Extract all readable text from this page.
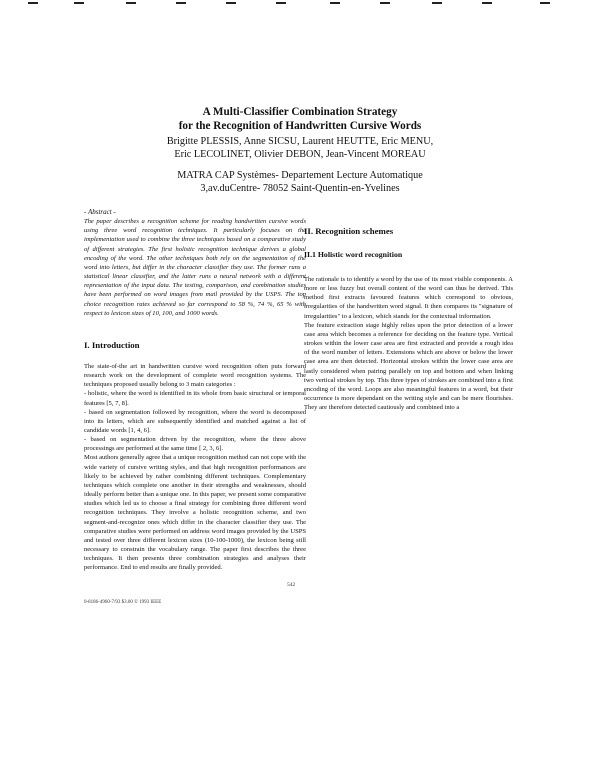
A Multi-Classifier Combination Strategy

for the Recognition of Handwritten Cursive Words

Brigitte PLESSIS, Anne SICSU, Laurent HEUTTE, Eric MENU,

Eric LECOLINET, Olivier DEBON, Jean-Vincent MOREAU

MATRA CAP Systèmes- Departement Lecture Automatique

3,av.duCentre- 78052 Saint-Quentin-en-Yvelines

- Abstract -

The paper describes a recognition scheme for reading handwritten cursive words using three word recognition techniques. It particularly focuses on the implementation used to combine the three techniques based on a comparative study of different strategies. The first holistic recognition technique derives a global encoding of the word. The other techniques both rely on the segmentation of the word into letters, but differ in the character classifier they use. The former runs a statistical linear classifier, and the latter runs a neural network with a different representation of the input data. The testing, comparison, and combination studies have been performed on word images from mail provided by the USPS. The top choice recognition rates achieved so far correspond to 58 %, 74 %, 65 % with respect to lexicon sizes of 10, 100, and 1000 words.

I. Introduction

The state-of-the art in handwritten cursive word recognition often puts forward research work on the development of complete word recognition systems. The techniques proposed usually belong to 3 main categories :

- holistic, where the word is identified in its whole from basic structural or temporal features [5, 7, 8].

- based on segmentation followed by recognition, where the word is decomposed into its letters, which are subsequently identified and matched against a list of candidate words [1, 4, 6].

- based on segmentation driven by the recognition, where the three above processings are performed at the same time [ 2, 3, 6].

Most authors generally agree that a unique recognition method can not cope with the wide variety of cursive writing styles, and that high recognition performances are likely to be achieved by rather combining different techniques. Complementary techniques which complete one another in their strengths and weaknesses, should ideally perform better than a unique one. In this paper, we present some comparative studies which led us to choose a final strategy for combining three different word recognition techniques. They involve a holistic recognition scheme, and two segment-and-recognize ones which differ in the character classifier they use. The comparative studies were performed on address word images provided by the USPS and tested over three different lexicon sizes (10-100-1000), the lexicon being still necessary to constrain the vocabulary range. The paper first describes the three techniques. It then presents three combination strategies and analyses their performance. End to end results are finally provided.

II. Recognition schemes
II.1 Holistic word recognition

The rationale is to identify a word by the use of its most visible components. A more or less fuzzy but overall content of the word can thus be derived. This method first extracts favoured features which correspond to obvious, irregularities of the handwritten word signal. It then compares its "signature of irregularities" to a lexicon, which stands for the contextual information.

The feature extraction stage highly relies upon the prior detection of a lower case area which becomes a reference for deciding on the feature type. Vertical strokes within the lower case area are first extracted and provide a rough idea of the word number of letters. Extensions which are above or below the lower case area are then detected. Horizontal strokes within the lower case area are lastly considered when pairing parallely on top and bottom and when linking two vertical strokes by top. This three types of strokes are combined into a first encoding of the word. Loops are also meaningful features in a word, but their occurrence is more dependant on the writing style and can be mere flourishes. They are therefore detected cautiously and combined into a

542
0-8186-4960-7/93 $3.00 © 1993 IEEE
